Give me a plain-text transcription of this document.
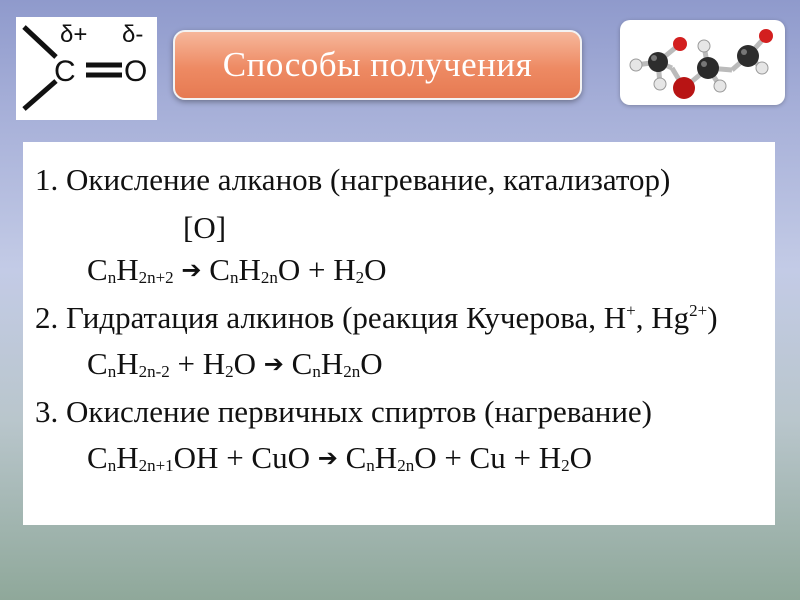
C O
δ+ δ-
Способы получения
1. Окисление алканов (нагревание, катализатор)
[O]
$C_nH_{2n+2}$ ➔ $C_nH_{2n}O + H_2O$
2. Гидратация алкинов (реакция Кучерова, H+, $Hg^{2+}$)
$C_nH_{2n-2} + H_2O$ ➔ $C_nH_{2n}O$
3. Окисление первичных спиртов (нагревание)
$C_nH_{2n+1}OH$ + CuO ➔ $C_nH_{2n}O + Cu + H_2O$
